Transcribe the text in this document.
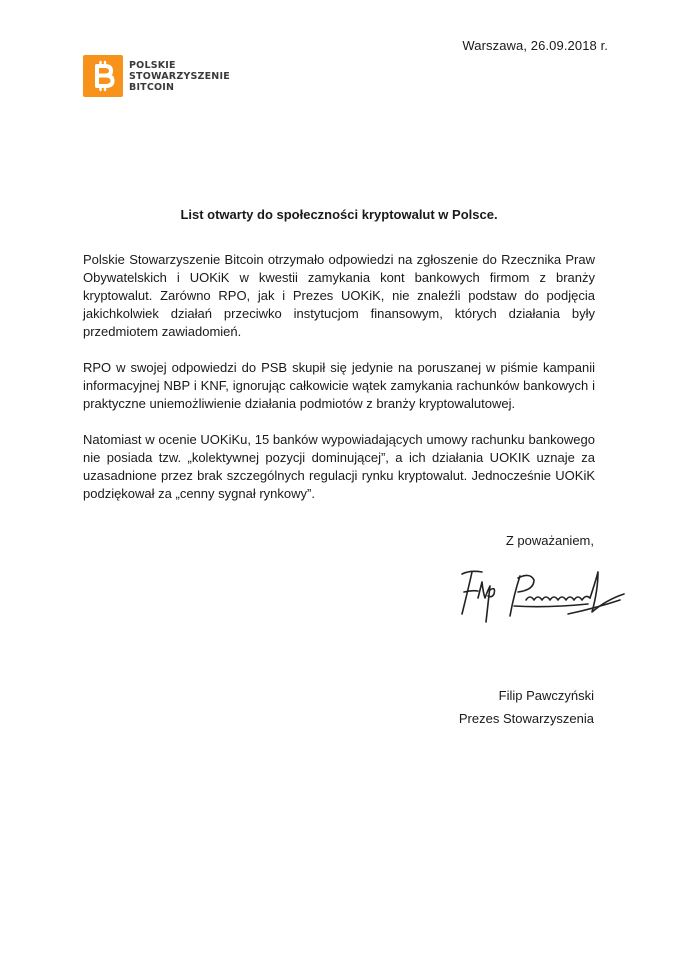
Warszawa, 26.09.2018 r.
POLSKIE
STOWARZYSZENIE
BITCOIN
List otwarty do społeczności kryptowalut w Polsce.

Polskie Stowarzyszenie Bitcoin otrzymało odpowiedzi na zgłoszenie do Rzecznika Praw Obywatelskich i UOKiK w kwestii zamykania kont bankowych firmom z branży kryptowalut. Zarówno RPO, jak i Prezes UOKiK, nie znaleźli podstaw do podjęcia jakichkolwiek działań przeciwko instytucjom finansowym, których działania były przedmiotem zawiadomień.

RPO w swojej odpowiedzi do PSB skupił się jedynie na poruszanej w piśmie kampanii informacyjnej NBP i KNF, ignorując całkowicie wątek zamykania rachunków bankowych i praktyczne uniemożliwienie działania podmiotów z branży kryptowalutowej.

Natomiast w ocenie UOKiKu, 15 banków wypowiadających umowy rachunku bankowego nie posiada tzw. „kolektywnej pozycji dominującej”, a ich działania UOKIK uznaje za uzasadnione przez brak szczególnych regulacji rynku kryptowalut. Jednocześnie UOKiK podziękował za „cenny sygnał rynkowy”.

Z poważaniem,
Filip Pawczyński
Prezes Stowarzyszenia
